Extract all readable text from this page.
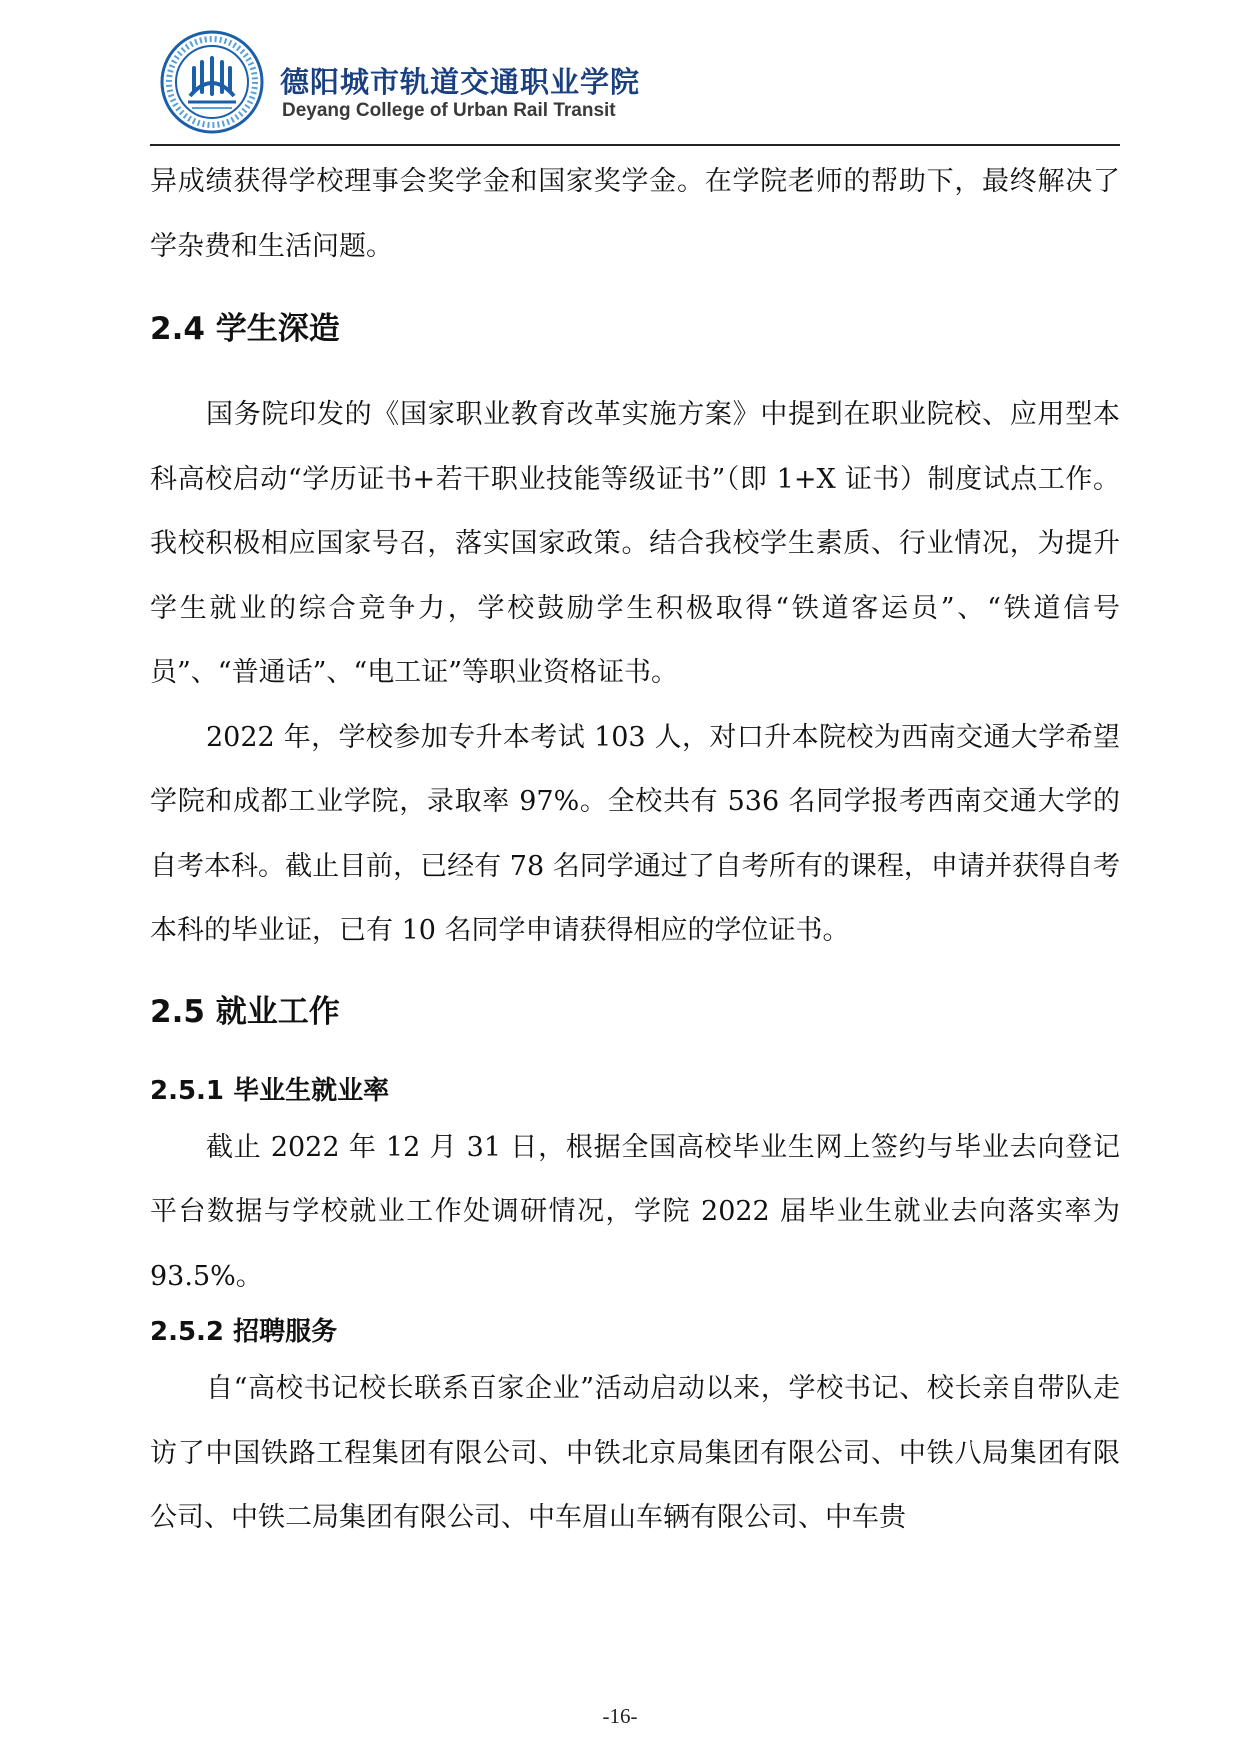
德阳城市轨道交通职业学院
Deyang College of Urban Rail Transit

异成绩获得学校理事会奖学金和国家奖学金。在学院老师的帮助下，最终解决了学杂费和生活问题。

2.4 学生深造

国务院印发的《国家职业教育改革实施方案》中提到在职业院校、应用型本科高校启动“学历证书+若干职业技能等级证书”（即 1+X 证书）制度试点工作。我校积极相应国家号召，落实国家政策。结合我校学生素质、行业情况，为提升学生就业的综合竞争力，学校鼓励学生积极取得“铁道客运员”、“铁道信号员”、“普通话”、“电工证”等职业资格证书。

2022 年，学校参加专升本考试 103 人，对口升本院校为西南交通大学希望学院和成都工业学院，录取率 97%。全校共有 536 名同学报考西南交通大学的自考本科。截止目前，已经有 78 名同学通过了自考所有的课程，申请并获得自考本科的毕业证，已有 10 名同学申请获得相应的学位证书。

2.5 就业工作
2.5.1 毕业生就业率

截止 2022 年 12 月 31 日，根据全国高校毕业生网上签约与毕业去向登记平台数据与学校就业工作处调研情况，学院 2022 届毕业生就业去向落实率为 93.5%。

2.5.2 招聘服务

自“高校书记校长联系百家企业”活动启动以来，学校书记、校长亲自带队走访了中国铁路工程集团有限公司、中铁北京局集团有限公司、中铁八局集团有限公司、中铁二局集团有限公司、中车眉山车辆有限公司、中车贵

-16-
